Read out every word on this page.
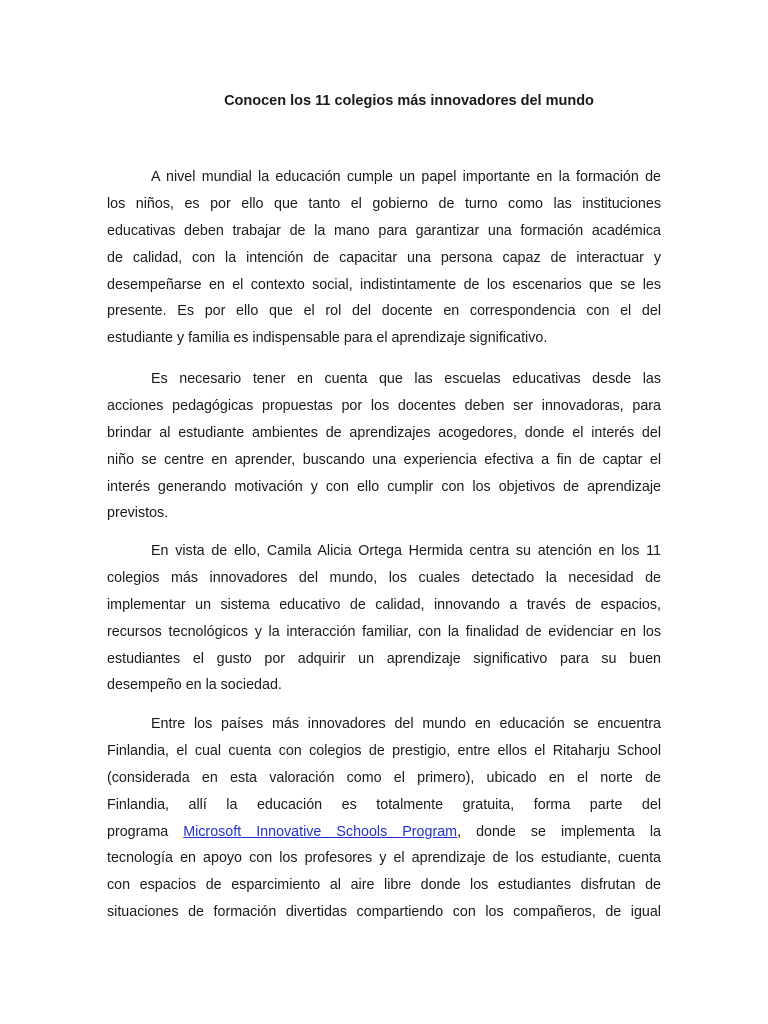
Conocen los 11 colegios más innovadores del mundo
A nivel mundial la educación cumple un papel importante en la formación de
los niños, es por ello que tanto el gobierno de turno como las instituciones
educativas deben trabajar de la mano para garantizar una formación académica
de calidad, con la intención de capacitar una persona capaz de interactuar y
desempeñarse en el contexto social, indistintamente de los escenarios que se les
presente. Es por ello que el rol del docente en correspondencia con el del
estudiante y familia es indispensable para el aprendizaje significativo.
Es necesario tener en cuenta que las escuelas educativas desde las
acciones pedagógicas propuestas por los docentes deben ser innovadoras, para
brindar al estudiante ambientes de aprendizajes acogedores, donde el interés del
niño se centre en aprender, buscando una experiencia efectiva a fin de captar el
interés generando motivación y con ello cumplir con los objetivos de aprendizaje
previstos.
En vista de ello, Camila Alicia Ortega Hermida centra su atención en los 11
colegios más innovadores del mundo, los cuales detectado la necesidad de
implementar un sistema educativo de calidad, innovando a través de espacios,
recursos tecnológicos y la interacción familiar, con la finalidad de evidenciar en los
estudiantes el gusto por adquirir un aprendizaje significativo para su buen
desempeño en la sociedad.
Entre los países más innovadores del mundo en educación se encuentra
Finlandia, el cual cuenta con colegios de prestigio, entre ellos el Ritaharju School
(considerada en esta valoración como el primero), ubicado en el norte de
Finlandia, allí la educación es totalmente gratuita, forma parte del
programa Microsoft Innovative Schools Program, donde se implementa la
tecnología en apoyo con los profesores y el aprendizaje de los estudiante, cuenta
con espacios de esparcimiento al aire libre donde los estudiantes disfrutan de
situaciones de formación divertidas compartiendo con los compañeros, de igual
